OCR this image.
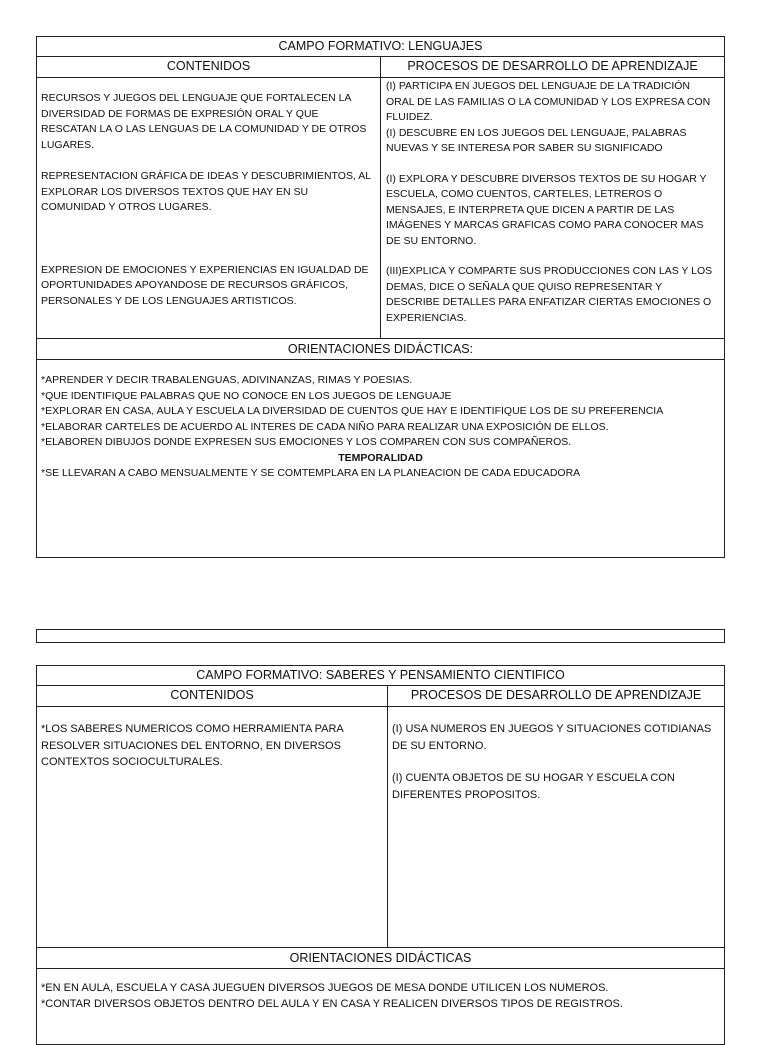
CAMPO FORMATIVO: LENGUAJES
CONTENIDOS	PROCESOS DE DESARROLLO DE APRENDIZAJE

RECURSOS Y JUEGOS DEL LENGUAJE QUE FORTALECEN LA DIVERSIDAD DE FORMAS DE EXPRESIÓN ORAL Y QUE RESCATAN LA O LAS LENGUAS DE LA COMUNIDAD Y DE OTROS LUGARES.

REPRESENTACION GRÁFICA DE IDEAS Y DESCUBRIMIENTOS, AL EXPLORAR LOS DIVERSOS TEXTOS QUE HAY EN SU COMUNIDAD Y OTROS LUGARES.

EXPRESION DE EMOCIONES Y EXPERIENCIAS EN IGUALDAD DE OPORTUNIDADES APOYANDOSE DE RECURSOS GRÁFICOS, PERSONALES Y DE LOS LENGUAJES ARTISTICOS.

(I) PARTICIPA EN JUEGOS DEL LENGUAJE DE LA TRADICIÓN ORAL DE LAS FAMILIAS O LA COMUNIDAD Y LOS EXPRESA CON FLUIDEZ.

(I) DESCUBRE EN LOS JUEGOS DEL LENGUAJE, PALABRAS NUEVAS Y SE INTERESA POR SABER SU SIGNIFICADO

(I) EXPLORA Y DESCUBRE DIVERSOS TEXTOS DE SU HOGAR Y ESCUELA, COMO CUENTOS, CARTELES, LETREROS O MENSAJES, E INTERPRETA QUE DICEN A PARTIR DE LAS IMÁGENES Y MARCAS GRAFICAS COMO PARA CONOCER MAS DE SU ENTORNO.

(III)EXPLICA Y COMPARTE SUS PRODUCCIONES CON LAS Y LOS DEMAS, DICE O SEÑALA QUE QUISO REPRESENTAR Y DESCRIBE DETALLES PARA ENFATIZAR CIERTAS EMOCIONES O EXPERIENCIAS.

ORIENTACIONES DIDÁCTICAS:

*APRENDER Y DECIR TRABALENGUAS, ADIVINANZAS, RIMAS Y POESIAS.

*QUE IDENTIFIQUE PALABRAS QUE NO CONOCE EN LOS JUEGOS DE LENGUAJE

*EXPLORAR EN CASA, AULA Y ESCUELA LA DIVERSIDAD DE CUENTOS QUE HAY E IDENTIFIQUE LOS DE SU PREFERENCIA

*ELABORAR CARTELES DE ACUERDO AL INTERES DE CADA NIÑO PARA REALIZAR UNA EXPOSICIÓN DE ELLOS.

*ELABOREN DIBUJOS DONDE EXPRESEN SUS EMOCIONES Y LOS COMPAREN CON SUS COMPAÑEROS.

TEMPORALIDAD

*SE LLEVARAN A CABO MENSUALMENTE Y SE COMTEMPLARA EN LA PLANEACION DE CADA EDUCADORA

CAMPO FORMATIVO: SABERES Y PENSAMIENTO CIENTIFICO
CONTENIDOS	PROCESOS DE DESARROLLO DE APRENDIZAJE

*LOS SABERES NUMERICOS COMO HERRAMIENTA PARA RESOLVER SITUACIONES DEL ENTORNO, EN DIVERSOS CONTEXTOS SOCIOCULTURALES.

(I) USA NUMEROS EN JUEGOS Y SITUACIONES COTIDIANAS DE SU ENTORNO.

(I) CUENTA OBJETOS DE SU HOGAR Y ESCUELA CON DIFERENTES PROPOSITOS.

ORIENTACIONES DIDÁCTICAS

*EN EN AULA, ESCUELA Y CASA JUEGUEN DIVERSOS JUEGOS DE MESA DONDE UTILICEN LOS NUMEROS.

*CONTAR DIVERSOS OBJETOS DENTRO DEL AULA Y EN CASA Y REALICEN DIVERSOS TIPOS DE REGISTROS.
